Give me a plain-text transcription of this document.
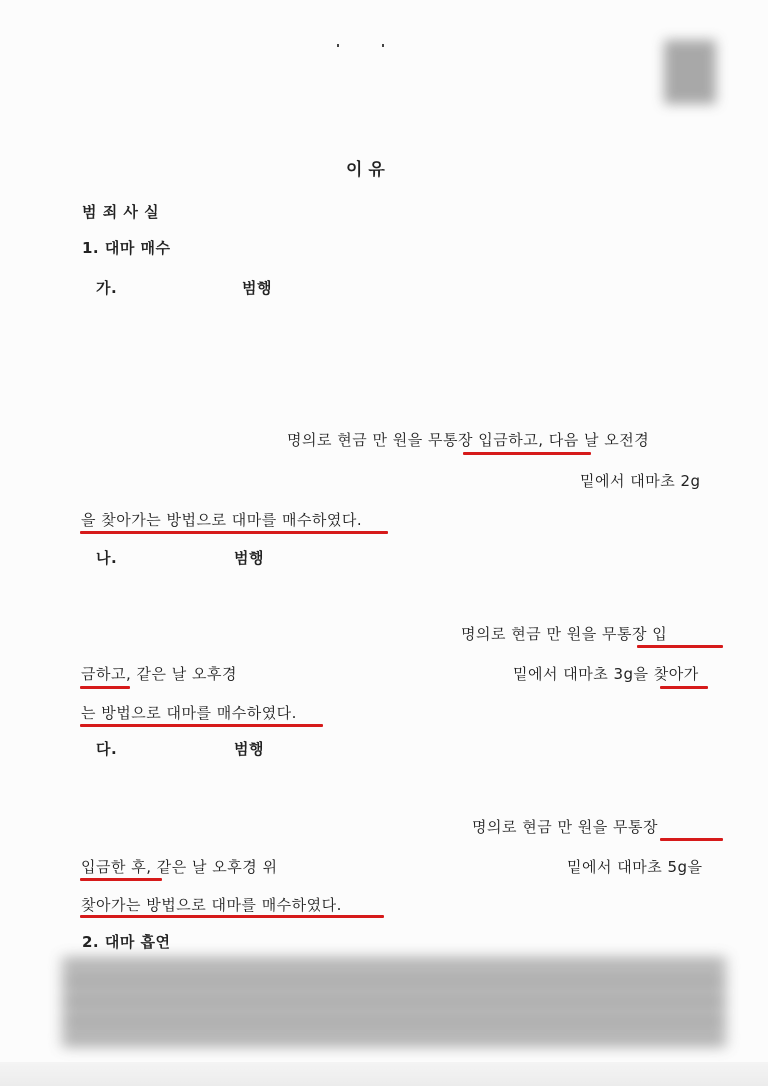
이 유
범 죄 사 실
1. 대마 매수
가.	범행
명의로 현금 만 원을 무통장 입금하고, 다음 날 오전경
밑에서 대마초 2g
을 찾아가는 방법으로 대마를 매수하였다.
나.	범행
명의로 현금 만 원을 무통장 입
금하고, 같은 날 오후경	밑에서 대마초 3g을 찾아가
는 방법으로 대마를 매수하였다.
다.	범행
명의로 현금 만 원을 무통장
입금한 후, 같은 날 오후경 위	밑에서 대마초 5g을
찾아가는 방법으로 대마를 매수하였다.
2. 대마 흡연
